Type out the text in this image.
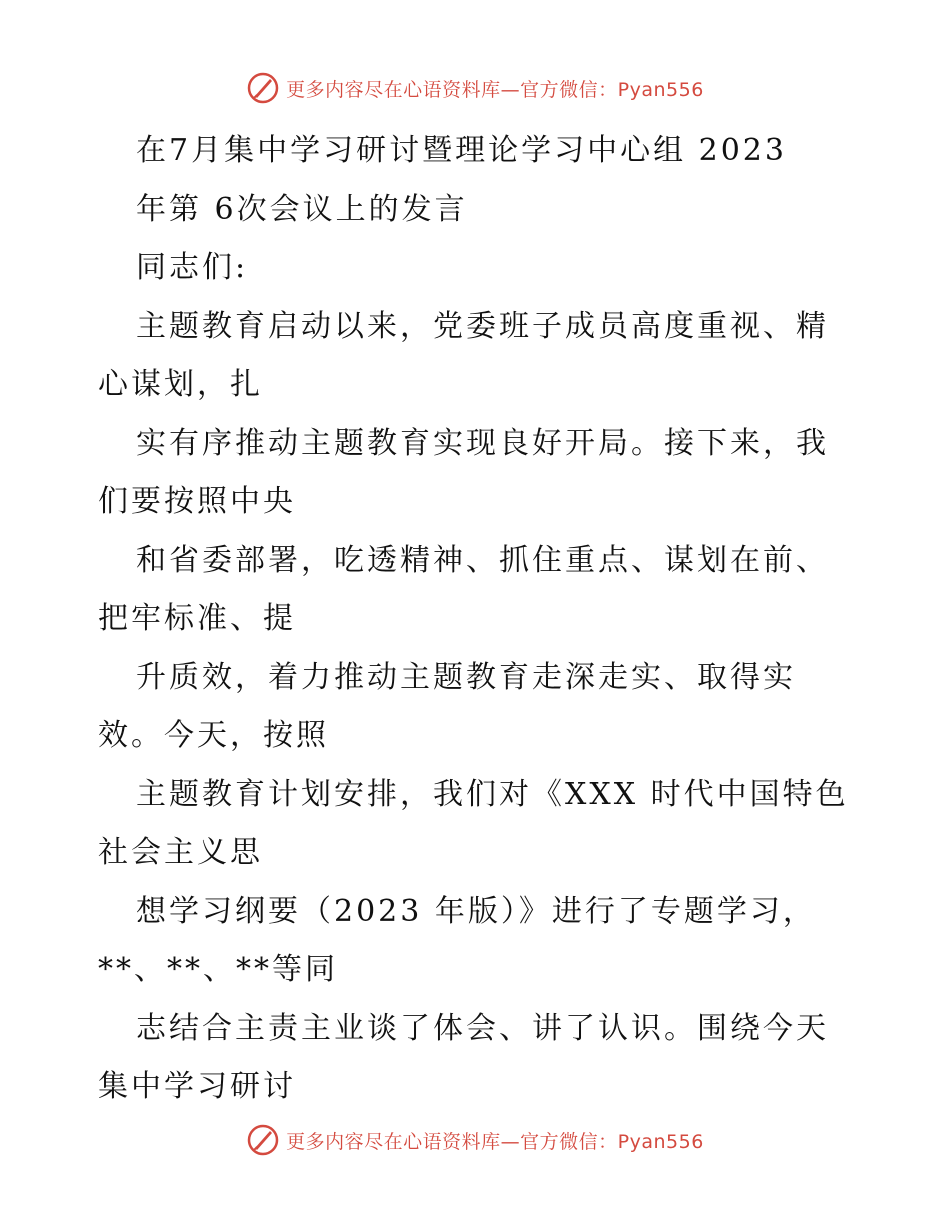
更多内容尽在心语资料库—官方微信：Pyan556
在7月集中学习研讨暨理论学习中心组 2023
年第 6次会议上的发言
同志们:
主题教育启动以来，党委班子成员高度重视、精
心谋划，扎
实有序推动主题教育实现良好开局。接下来，我
们要按照中央
和省委部署，吃透精神、抓住重点、谋划在前、
把牢标准、提
升质效，着力推动主题教育走深走实、取得实
效。今天，按照
主题教育计划安排，我们对《XXX 时代中国特色
社会主义思
想学习纲要（2023 年版）》进行了专题学习，
**、**、**等同
志结合主责主业谈了体会、讲了认识。围绕今天
集中学习研讨
更多内容尽在心语资料库—官方微信：Pyan556
